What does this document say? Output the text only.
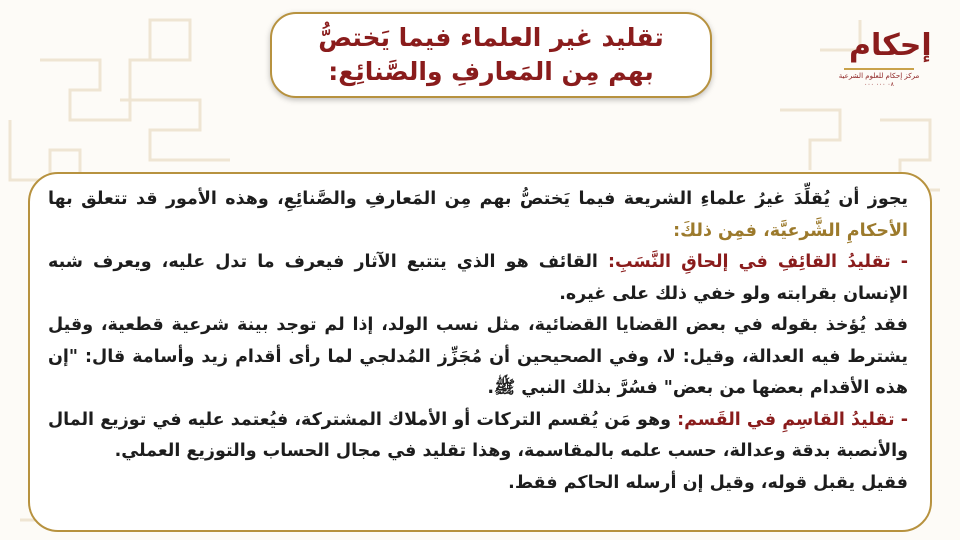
إحكام
مركز إحكام للعلوم الشرعية
٠٨ ٠٠٠ ٠٠٠
تقليد غير العلماء فيما يَختصُّ
بهم مِن المَعارفِ والصَّنائِع:

يجوز أن يُقلِّدَ غيرُ علماءِ الشريعة فيما يَختصُّ بهم مِن المَعارفِ والصَّنائِعِ، وهذه الأمور قد تتعلق بها الأحكامِ الشَّرعيَّة، فمِن ذلكَ:

- تقليدُ القائِفِ في إلحاقِ النَّسَبِ: القائف هو الذي يتتبع الآثار فيعرف ما تدل عليه، ويعرف شبه الإنسان بقرابته ولو خفي ذلك على غيره.

فقد يُؤخذ بقوله في بعض القضايا القضائية، مثل نسب الولد، إذا لم توجد بينة شرعية قطعية، وقيل يشترط فيه العدالة، وقيل: لا، وفي الصحيحين أن مُجَزِّز المُدلجي لما رأى أقدام زيد وأسامة قال: "إن هذه الأقدام بعضها من بعض" فسُرَّ بذلك النبي ﷺ.

- تقليدُ القاسِمِ في القَسم: وهو مَن يُقسم التركات أو الأملاك المشتركة، فيُعتمد عليه في توزيع المال والأنصبة بدقة وعدالة، حسب علمه بالمقاسمة، وهذا تقليد في مجال الحساب والتوزيع العملي.

فقيل يقبل قوله، وقيل إن أرسله الحاكم فقط.
